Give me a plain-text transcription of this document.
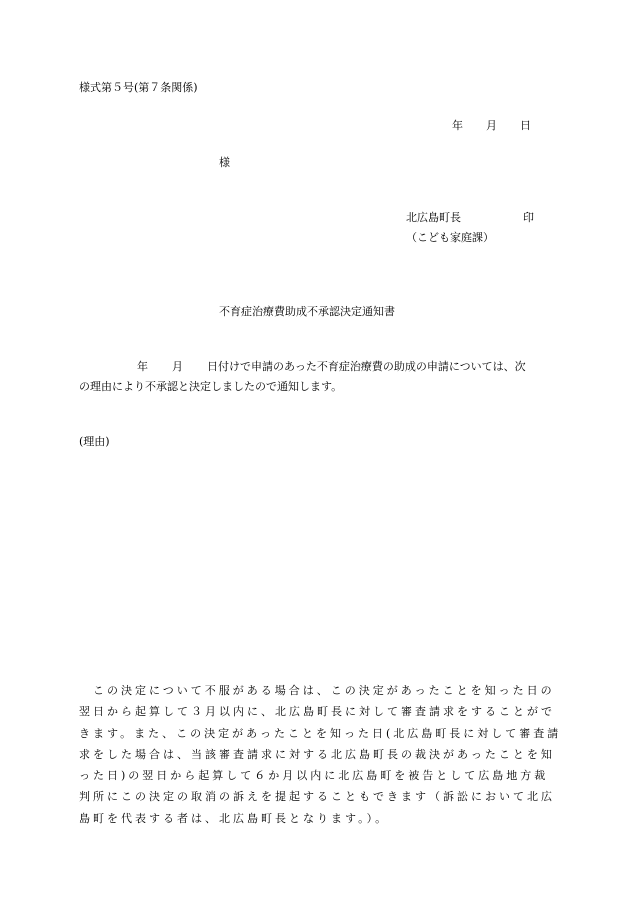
様式第５号(第７条関係)
年 月 日
様
北広島町長	印
（こども家庭課）
不育症治療費助成不承認決定通知書
年 月 日付けで申請のあった不育症治療費の助成の申請については、次
の理由により不承認と決定しましたので通知します。
(理由)
　この決定について不服がある場合は、この決定があったことを知った日の
翌日から起算して３月以内に、北広島町長に対して審査請求をすることがで
きます。また、この決定があったことを知った日(北広島町長に対して審査請
求をした場合は、当該審査請求に対する北広島町長の裁決があったことを知
った日)の翌日から起算して６か月以内に北広島町を被告として広島地方裁
判所にこの決定の取消の訴えを提起することもできます（訴訟において北広
島町を代表する者は、北広島町長となります。）。
